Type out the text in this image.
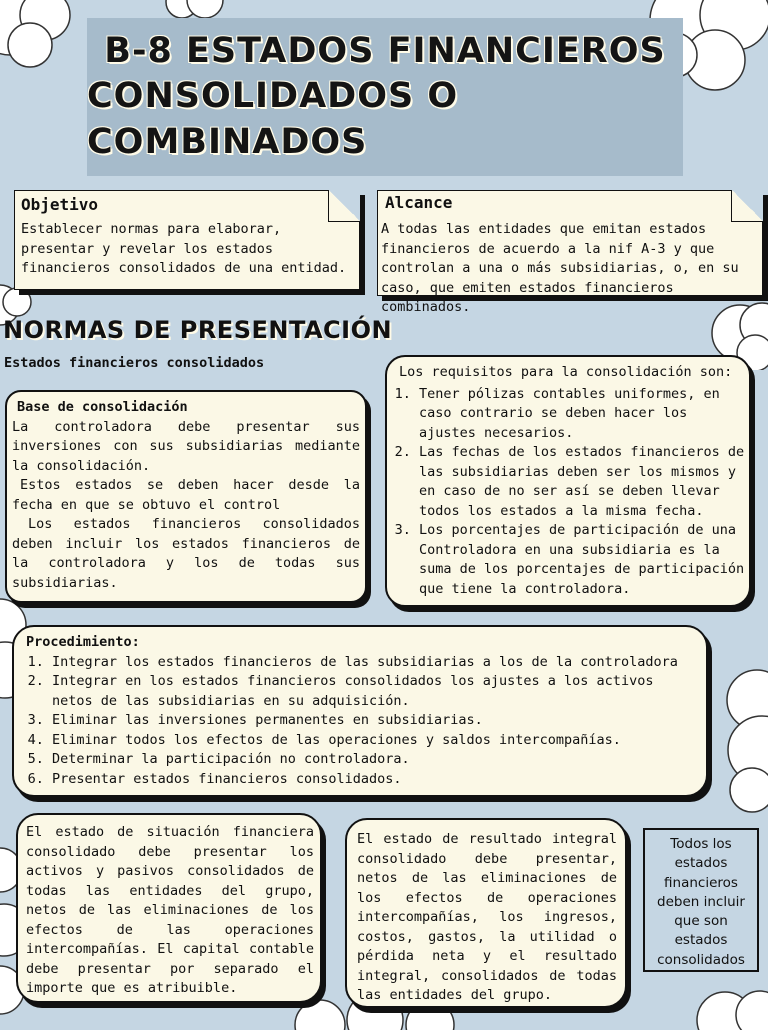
B-8 ESTADOS FINANCIEROS
CONSOLIDADOS O COMBINADOS

Objetivo

Establecer normas para elaborar, presentar y revelar los estados financieros consolidados de una entidad.

Alcance

A todas las entidades que emitan estados financieros de acuerdo a la nif A-3 y que controlan a una o más subsidiarias, o, en su caso, que emiten estados financieros combinados.

NORMAS DE PRESENTACIÓN
Estados financieros consolidados

Base de consolidación

La controladora debe presentar sus inversiones con sus subsidiarias mediante la consolidación.

Estos estados se deben hacer desde la fecha en que se obtuvo el control

Los estados financieros consolidados deben incluir los estados financieros de la controladora y los de todas sus subsidiarias.

Los requisitos para la consolidación son:

1. Tener pólizas contables uniformes, en caso contrario se deben hacer los ajustes necesarios.
2. Las fechas de los estados financieros de las subsidiarias deben ser los mismos y en caso de no ser así se deben llevar todos los estados a la misma fecha.
3. Los porcentajes de participación de una Controladora en una subsidiaria es la suma de los porcentajes de participación que tiene la controladora.

Procedimiento:

1. Integrar los estados financieros de las subsidiarias a los de la controladora
2. Integrar en los estados financieros consolidados los ajustes a los activos netos de las subsidiarias en su adquisición.
3. Eliminar las inversiones permanentes en subsidiarias.
4. Eliminar todos los efectos de las operaciones y saldos intercompañías.
5. Determinar la participación no controladora.
6. Presentar estados financieros consolidados.

El estado de situación financiera consolidado debe presentar los activos y pasivos consolidados de todas las entidades del grupo, netos de las eliminaciones de los efectos de las operaciones intercompañías. El capital contable debe presentar por separado el importe que es atribuible.

El estado de resultado integral consolidado debe presentar, netos de las eliminaciones de los efectos de operaciones intercompañías, los ingresos, costos, gastos, la utilidad o pérdida neta y el resultado integral, consolidados de todas las entidades del grupo.

Todos los estados financieros deben incluir que son estados consolidados
